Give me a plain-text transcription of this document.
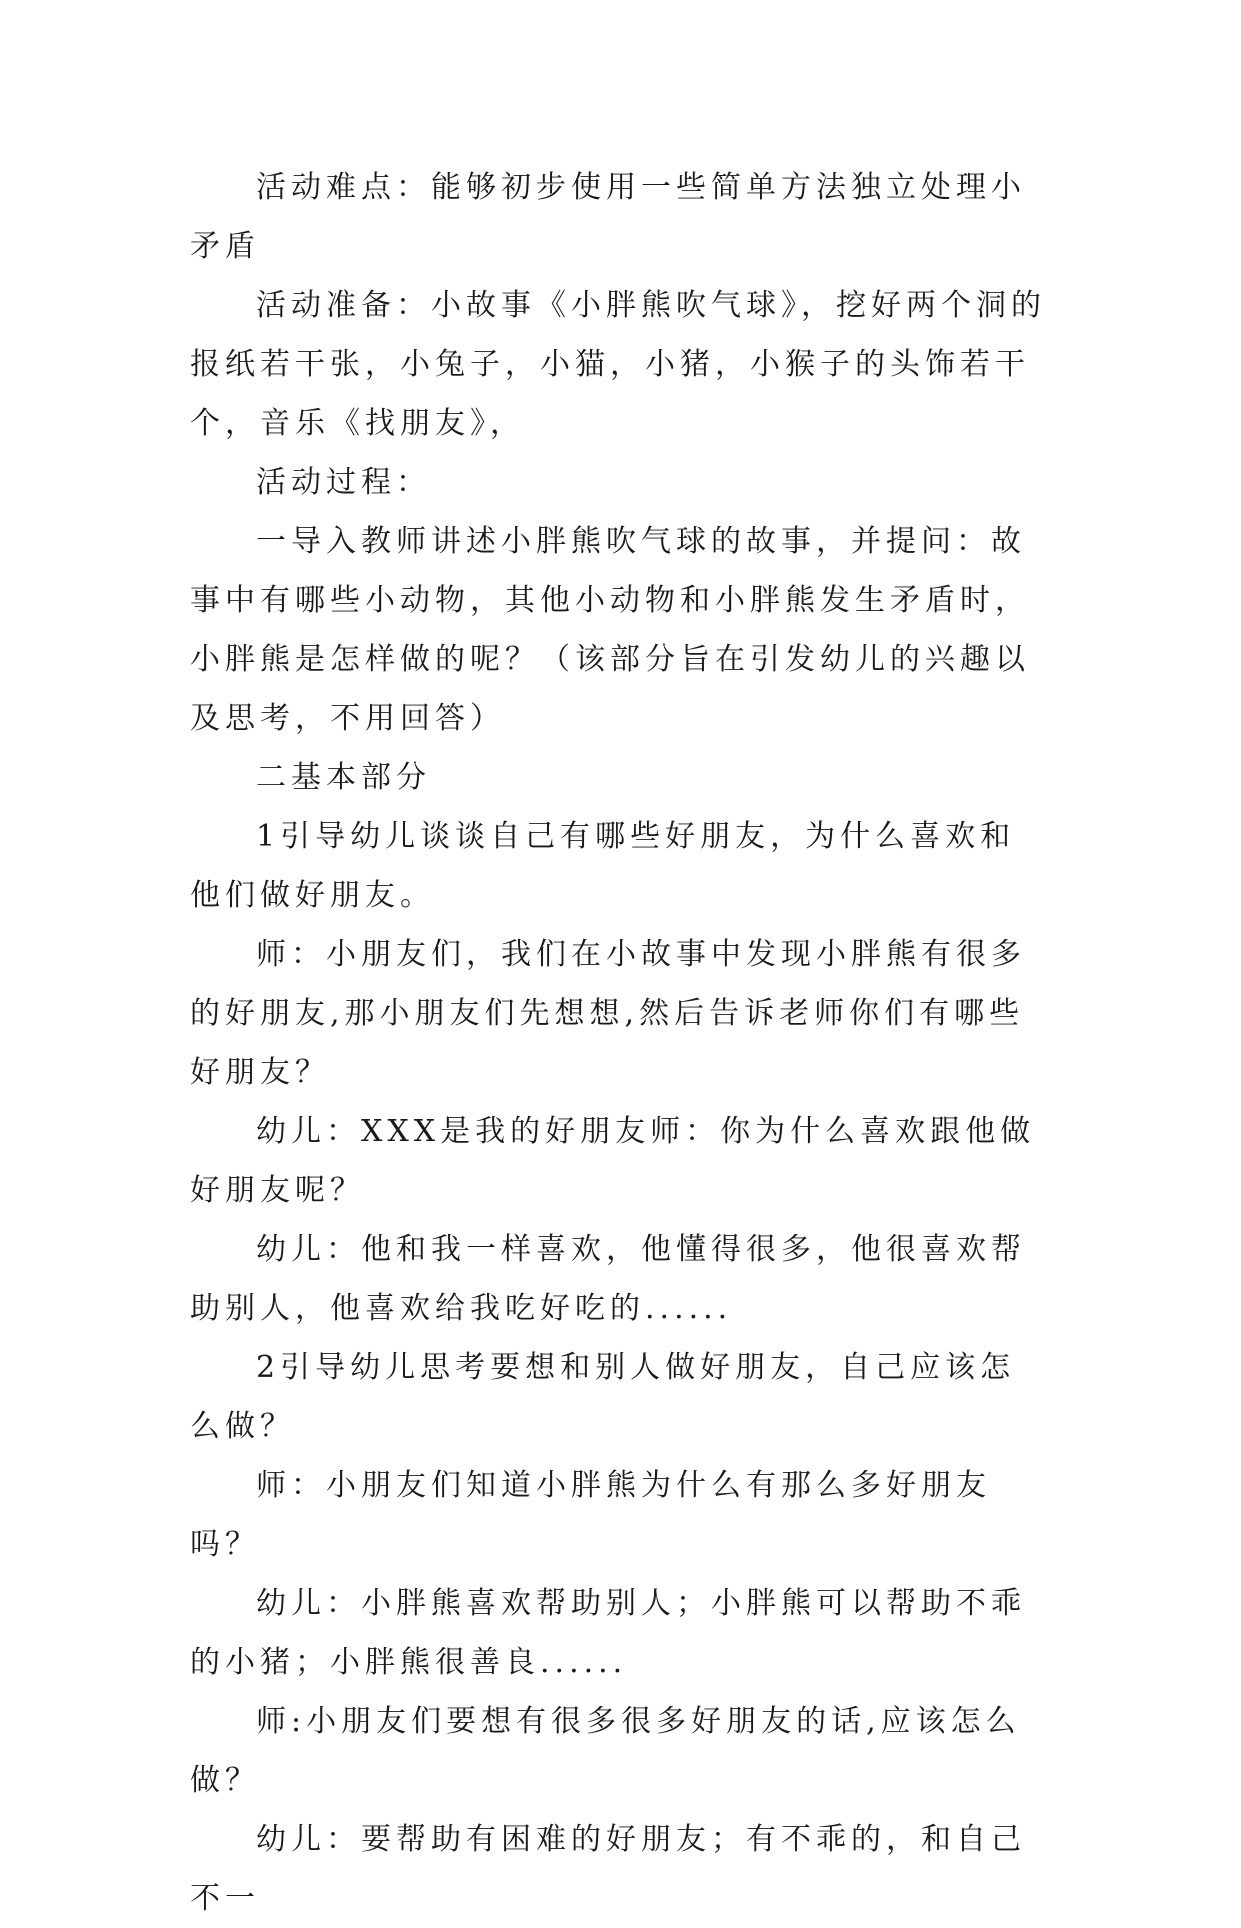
活动难点：能够初步使用一些简单方法独立处理小矛盾

活动准备：小故事《小胖熊吹气球》，挖好两个洞的报纸若干张，小兔子，小猫，小猪，小猴子的头饰若干个，音乐《找朋友》，

活动过程：

一导入教师讲述小胖熊吹气球的故事，并提问：故事中有哪些小动物，其他小动物和小胖熊发生矛盾时，小胖熊是怎样做的呢？（该部分旨在引发幼儿的兴趣以及思考，不用回答）

二基本部分

1引导幼儿谈谈自己有哪些好朋友，为什么喜欢和他们做好朋友。

师：小朋友们，我们在小故事中发现小胖熊有很多的好朋友,那小朋友们先想想,然后告诉老师你们有哪些好朋友？

幼儿：XXX是我的好朋友师：你为什么喜欢跟他做好朋友呢？

幼儿：他和我一样喜欢，他懂得很多，他很喜欢帮助别人，他喜欢给我吃好吃的......

2引导幼儿思考要想和别人做好朋友，自己应该怎么做？

师：小朋友们知道小胖熊为什么有那么多好朋友吗？

幼儿：小胖熊喜欢帮助别人；小胖熊可以帮助不乖的小猪；小胖熊很善良......

师:小朋友们要想有很多很多好朋友的话,应该怎么做？

幼儿：要帮助有困难的好朋友；有不乖的，和自己不一
